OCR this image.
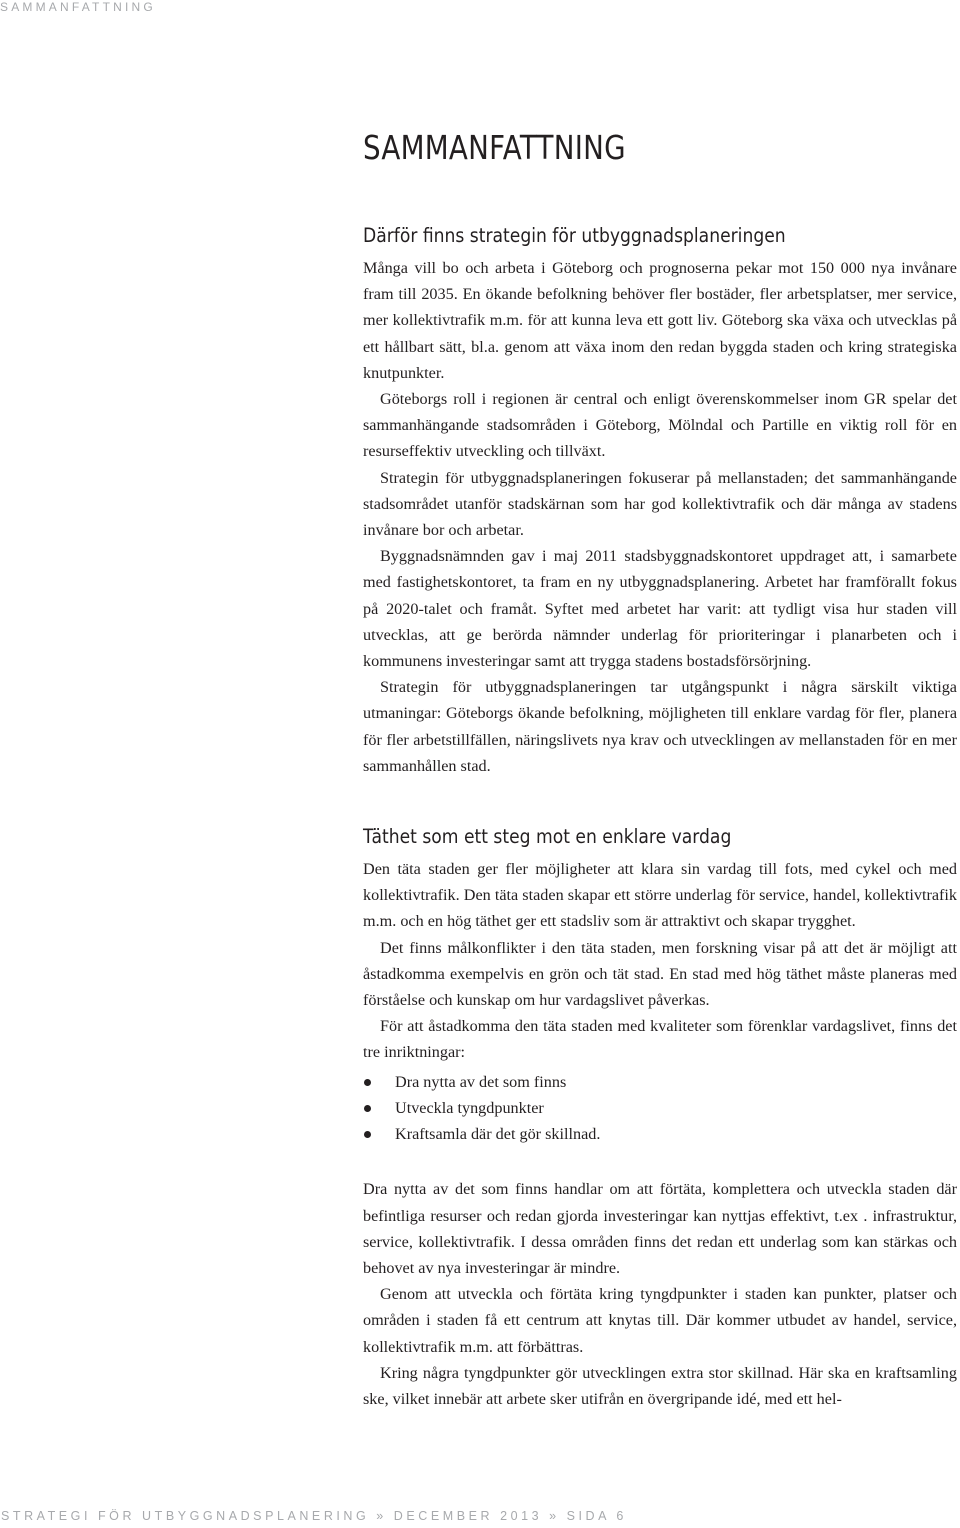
SAMMANFATTNING
SAMMANFATTNING
Därför finns strategin för utbyggnadsplaneringen

Många vill bo och arbeta i Göteborg och prognoserna pekar mot 150 000 nya invånare fram till 2035. En ökande befolkning behöver fler bostäder, fler arbetsplatser, mer service, mer kollektivtrafik m.m. för att kunna leva ett gott liv. Göteborg ska växa och utvecklas på ett hållbart sätt, bl.a. genom att växa inom den redan byggda staden och kring strategiska knutpunkter.

Göteborgs roll i regionen är central och enligt överenskommelser inom GR spelar det sammanhängande stadsområden i Göteborg, Mölndal och Partille en viktig roll för en resurseffektiv utveckling och tillväxt.

Strategin för utbyggnadsplaneringen fokuserar på mellanstaden; det sammanhängande stadsområdet utanför stadskärnan som har god kollektivtrafik och där många av stadens invånare bor och arbetar.

Byggnadsnämnden gav i maj 2011 stadsbyggnadskontoret uppdraget att, i samarbete med fastighetskontoret, ta fram en ny utbyggnadsplanering. Arbetet har framförallt fokus på 2020-talet och framåt. Syftet med arbetet har varit: att tydligt visa hur staden vill utvecklas, att ge berörda nämnder underlag för prioriteringar i planarbeten och i kommunens investeringar samt att trygga stadens bostadsförsörjning.

Strategin för utbyggnadsplaneringen tar utgångspunkt i några särskilt viktiga utmaningar: Göteborgs ökande befolkning, möjligheten till enklare vardag för fler, planera för fler arbetstillfällen, näringslivets nya krav och utvecklingen av mellanstaden för en mer sammanhållen stad.

Täthet som ett steg mot en enklare vardag

Den täta staden ger fler möjligheter att klara sin vardag till fots, med cykel och med kollektivtrafik. Den täta staden skapar ett större underlag för service, handel, kollektivtrafik m.m. och en hög täthet ger ett stadsliv som är attraktivt och skapar trygghet.

Det finns målkonflikter i den täta staden, men forskning visar på att det är möjligt att åstadkomma exempelvis en grön och tät stad. En stad med hög täthet måste planeras med förståelse och kunskap om hur vardagslivet påverkas.

För att åstadkomma den täta staden med kvaliteter som förenklar vardagslivet, finns det tre inriktningar:

Dra nytta av det som finns
Utveckla tyngdpunkter
Kraftsamla där det gör skillnad.

Dra nytta av det som finns handlar om att förtäta, komplettera och utveckla staden där befintliga resurser och redan gjorda investeringar kan nyttjas effektivt, t.ex . infrastruktur, service, kollektivtrafik. I dessa områden finns det redan ett underlag som kan stärkas och behovet av nya investeringar är mindre.

Genom att utveckla och förtäta kring tyngdpunkter i staden kan punkter, platser och områden i staden få ett centrum att knytas till. Där kommer utbudet av handel, service, kollektivtrafik m.m. att förbättras.

Kring några tyngdpunkter gör utvecklingen extra stor skillnad. Här ska en kraftsamling ske, vilket innebär att arbete sker utifrån en övergripande idé, med ett hel-

STRATEGI FÖR UTBYGGNADSPLANERING » DECEMBER 2013 » SIDA 6
